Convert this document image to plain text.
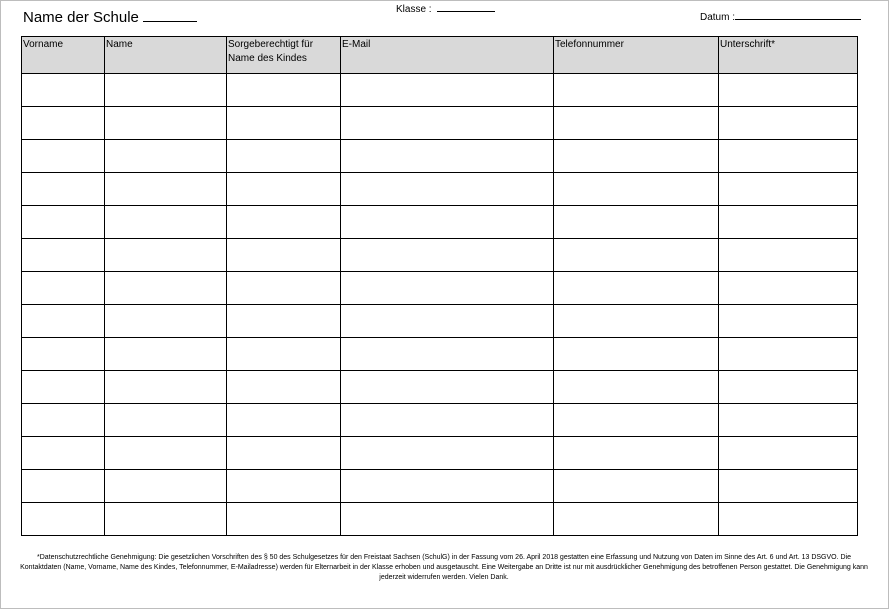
Name der Schule	Klasse :
Datum :
Vorname	Name	Sorgeberechtigt für Name des Kindes	E-Mail	Telefonnummer	Unterschrift*

*Datenschutzrechtliche Genehmigung: Die gesetzlichen Vorschriften des § 50 des Schulgesetzes für den Freistaat Sachsen (SchulG) in der Fassung vom 26. April 2018 gestatten eine Erfassung und Nutzung von Daten im Sinne des Art. 6 und Art. 13 DSGVO. Die Kontaktdaten (Name, Vorname, Name des Kindes, Telefonnummer, E-Mailadresse) werden für Elternarbeit in der Klasse erhoben und ausgetauscht. Eine Weitergabe an Dritte ist nur mit ausdrücklicher Genehmigung des betroffenen Person gestattet. Die Genehmigung kann jederzeit widerrufen werden. Vielen Dank.
